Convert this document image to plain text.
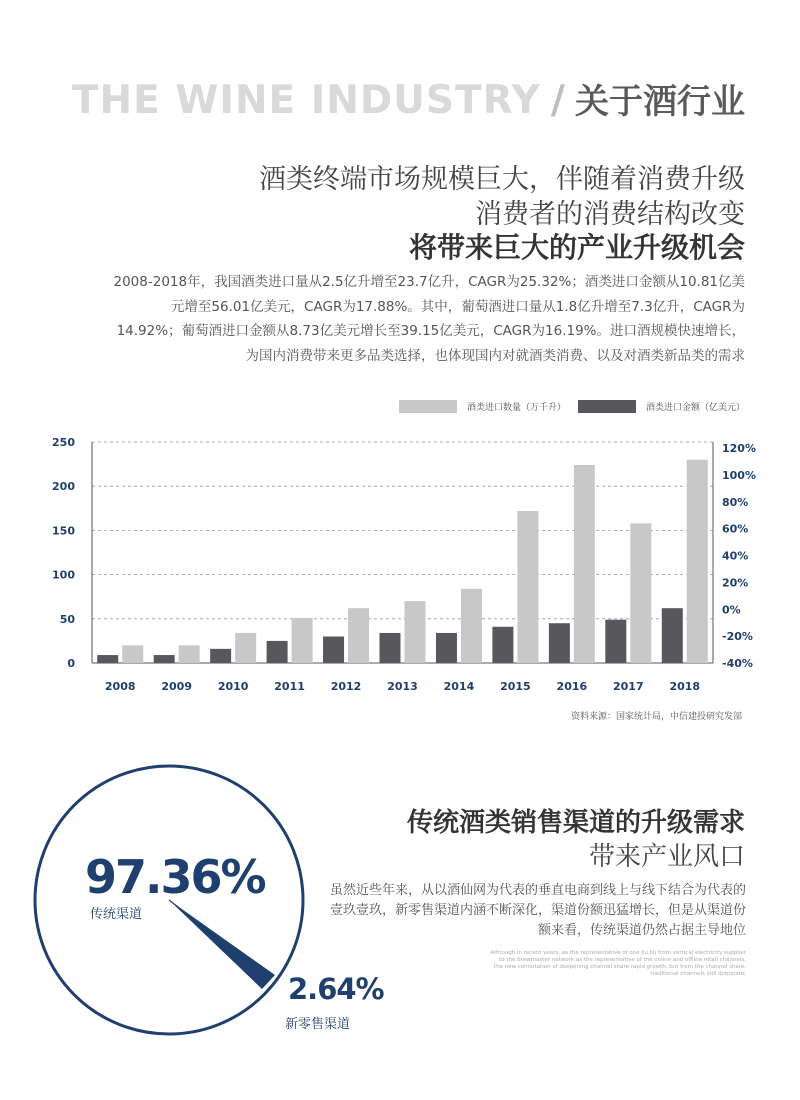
THE WINE INDUSTRY / 关于酒行业
酒类终端市场规模巨大，伴随着消费升级
消费者的消费结构改变
将带来巨大的产业升级机会
2008-2018年，我国酒类进口量从2.5亿升增至23.7亿升，CAGR为25.32%；酒类进口金额从10.81亿美元增至56.01亿美元，CAGR为17.88%。其中，葡萄酒进口量从1.8亿升增至7.3亿升，CAGR为14.92%；葡萄酒进口金额从8.73亿美元增长至39.15亿美元，CAGR为16.19%。进口酒规模快速增长，为国内消费带来更多品类选择，也体现国内对就酒类消费、以及对酒类新品类的需求
酒类进口数量（万千升）	酒类进口金额（亿美元）
0
50
100
150
200
250
-40%
-20%
0%
20%
40%
60%
80%
100%
120%
2008 2009 2010 2011 2012 2013 2014 2015 2016 2017 2018
资料来源：国家统计局，中信建投研究发部
传统酒类销售渠道的升级需求
带来产业风口
虽然近些年来，从以酒仙网为代表的垂直电商到线上与线下结合为代表的壹玖壹玖，新零售渠道内涵不断深化，渠道份额迅猛增长，但是从渠道份额来看，传统渠道仍然占据主导地位
Although in recent years, as the representative of one Jiu Jiu from vertical electricity supplier to the brewmaster network as the representative of the online and offline retail channels, the new connotation of deepening channel share rapid growth, but from the channel share, traditional channels still dominate;
97.36%
传统渠道
2.64%
新零售渠道
